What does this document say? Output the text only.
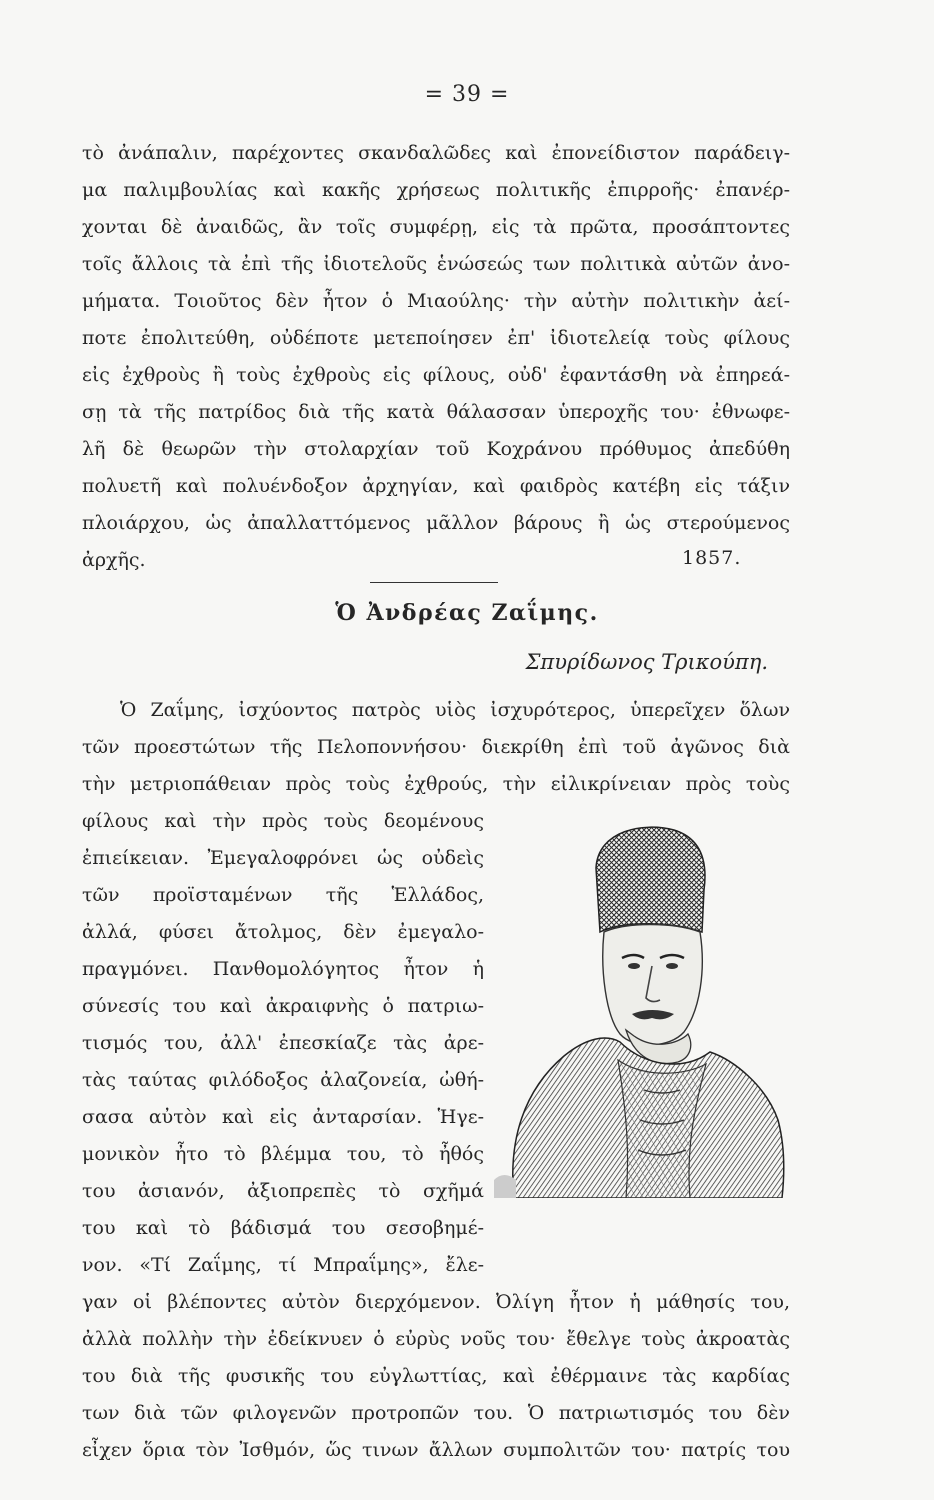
= 39 =
τὸ ἀνάπαλιν, παρέχοντες σκανδαλῶδες καὶ ἐπονείδιστον παράδειγ-
μα παλιμβουλίας καὶ κακῆς χρήσεως πολιτικῆς ἐπιρροῆς· ἐπανέρ-
χονται δὲ ἀναιδῶς, ἂν τοῖς συμφέρῃ, εἰς τὰ πρῶτα, προσάπτοντες
τοῖς ἄλλοις τὰ ἐπὶ τῆς ἰδιοτελοῦς ἑνώσεώς των πολιτικὰ αὐτῶν ἀνο-
μήματα. Τοιοῦτος δὲν ἦτον ὁ Μιαούλης· τὴν αὐτὴν πολιτικὴν ἀεί-
ποτε ἐπολιτεύθη, οὐδέποτε μετεποίησεν ἐπ' ἰδιοτελείᾳ τοὺς φίλους
εἰς ἐχθροὺς ἢ τοὺς ἐχθροὺς εἰς φίλους, οὐδ' ἐφαντάσθη νὰ ἐπηρεά-
σῃ τὰ τῆς πατρίδος διὰ τῆς κατὰ θάλασσαν ὑπεροχῆς του· ἐθνωφε-
λῆ δὲ θεωρῶν τὴν στολαρχίαν τοῦ Κοχράνου πρόθυμος ἀπεδύθη
πολυετῆ καὶ πολυένδοξον ἀρχηγίαν, καὶ φαιδρὸς κατέβη εἰς τάξιν
πλοιάρχου, ὡς ἀπαλλαττόμενος μᾶλλον βάρους ἢ ὡς στερούμενος
ἀρχῆς.	1857.
Ὁ Ἀνδρέας Ζαΐμης.
Σπυρίδωνος Τρικούπη.
Ὁ Ζαΐμης, ἰσχύοντος πατρὸς υἱὸς ἰσχυρότερος, ὑπερεῖχεν ὅλων
τῶν προεστώτων τῆς Πελοποννήσου· διεκρίθη ἐπὶ τοῦ ἀγῶνος διὰ
τὴν μετριοπάθειαν πρὸς τοὺς ἐχθρούς, τὴν εἰλικρίνειαν πρὸς τοὺς
φίλους καὶ τὴν πρὸς τοὺς δεομένους
ἐπιείκειαν. Ἐμεγαλοφρόνει ὡς οὐδεὶς
τῶν προϊσταμένων τῆς Ἑλλάδος,
ἀλλά, φύσει ἄτολμος, δὲν ἐμεγαλο-
πραγμόνει. Πανθομολόγητος ἦτον ἡ
σύνεσίς του καὶ ἀκραιφνὴς ὁ πατριω-
τισμός του, ἀλλ' ἐπεσκίαζε τὰς ἀρε-
τὰς ταύτας φιλόδοξος ἀλαζονεία, ὠθή-
σασα αὐτὸν καὶ εἰς ἀνταρσίαν. Ἡγε-
μονικὸν ἦτο τὸ βλέμμα του, τὸ ἦθός
του ἀσιανόν, ἀξιοπρεπὲς τὸ σχῆμά
του καὶ τὸ βάδισμά του σεσοβημέ-
νον. «Τί Ζαΐμης, τί Μπραΐμης», ἔλε-
γαν οἱ βλέποντες αὐτὸν διερχόμενον. Ὀλίγη ἦτον ἡ μάθησίς του,
ἀλλὰ πολλὴν τὴν ἐδείκνυεν ὁ εὐρὺς νοῦς του· ἔθελγε τοὺς ἀκροατὰς
του διὰ τῆς φυσικῆς του εὐγλωττίας, καὶ ἐθέρμαινε τὰς καρδίας
των διὰ τῶν φιλογενῶν προτροπῶν του. Ὁ πατριωτισμός του δὲν
εἶχεν ὅρια τὸν Ἰσθμόν, ὥς τινων ἄλλων συμπολιτῶν του· πατρίς του
